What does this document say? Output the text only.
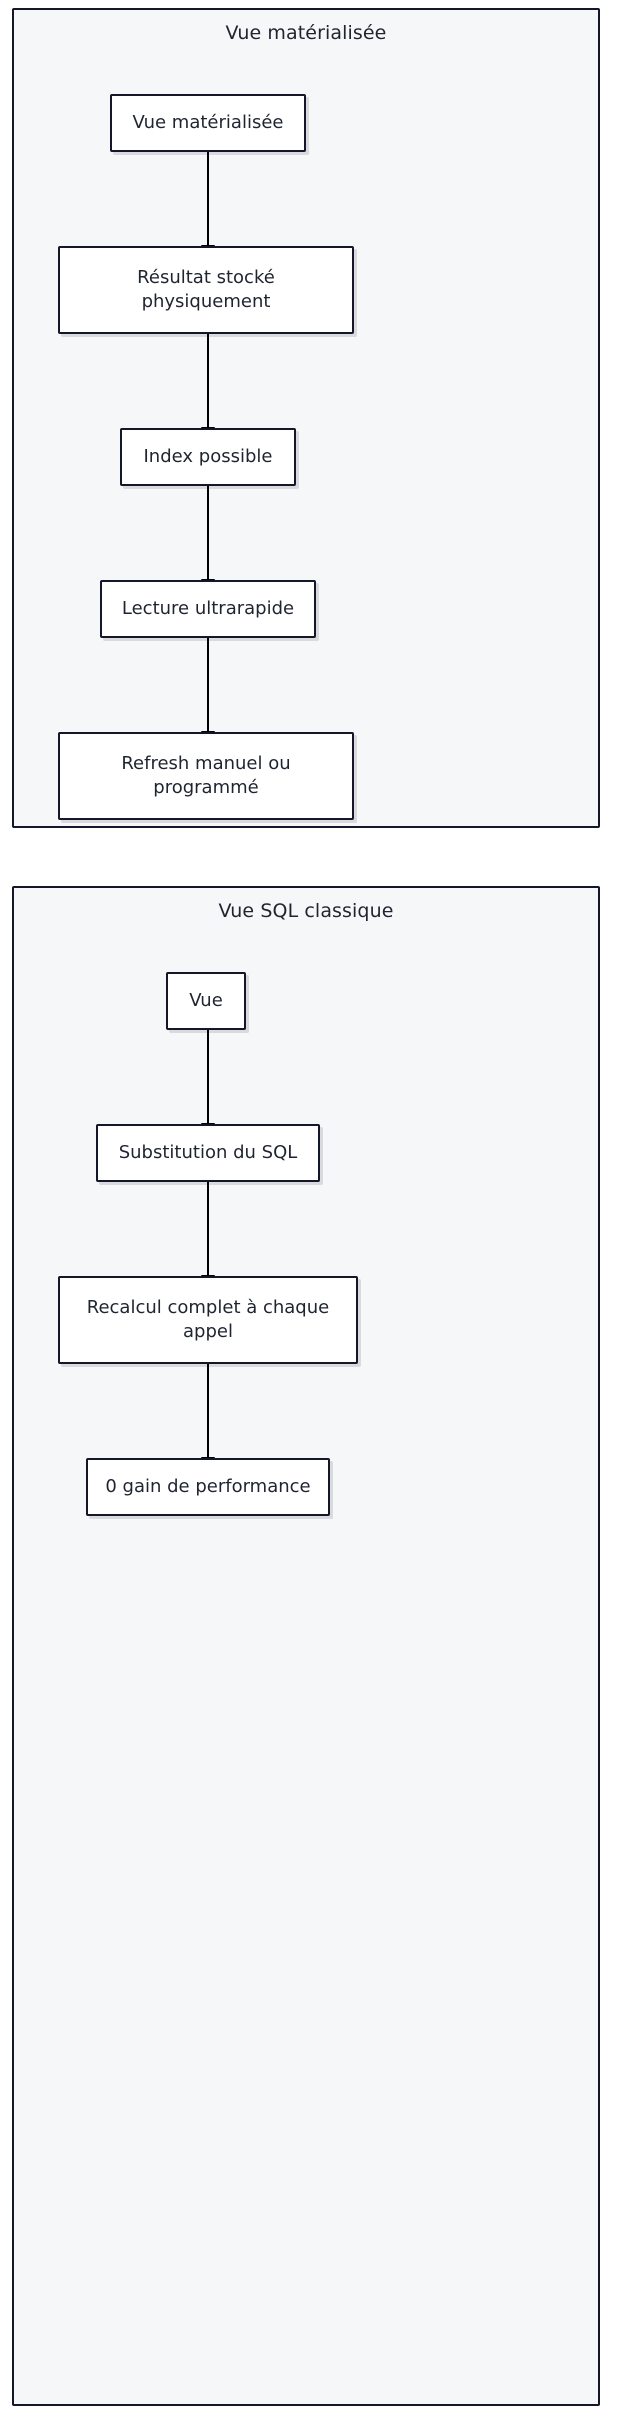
Vue matérialisée
Vue matérialisée
Résultat stocké physiquement
Index possible
Lecture ultrarapide
Refresh manuel ou programmé
Vue SQL classique
Vue
Substitution du SQL
Recalcul complet à chaque appel
0 gain de performance
